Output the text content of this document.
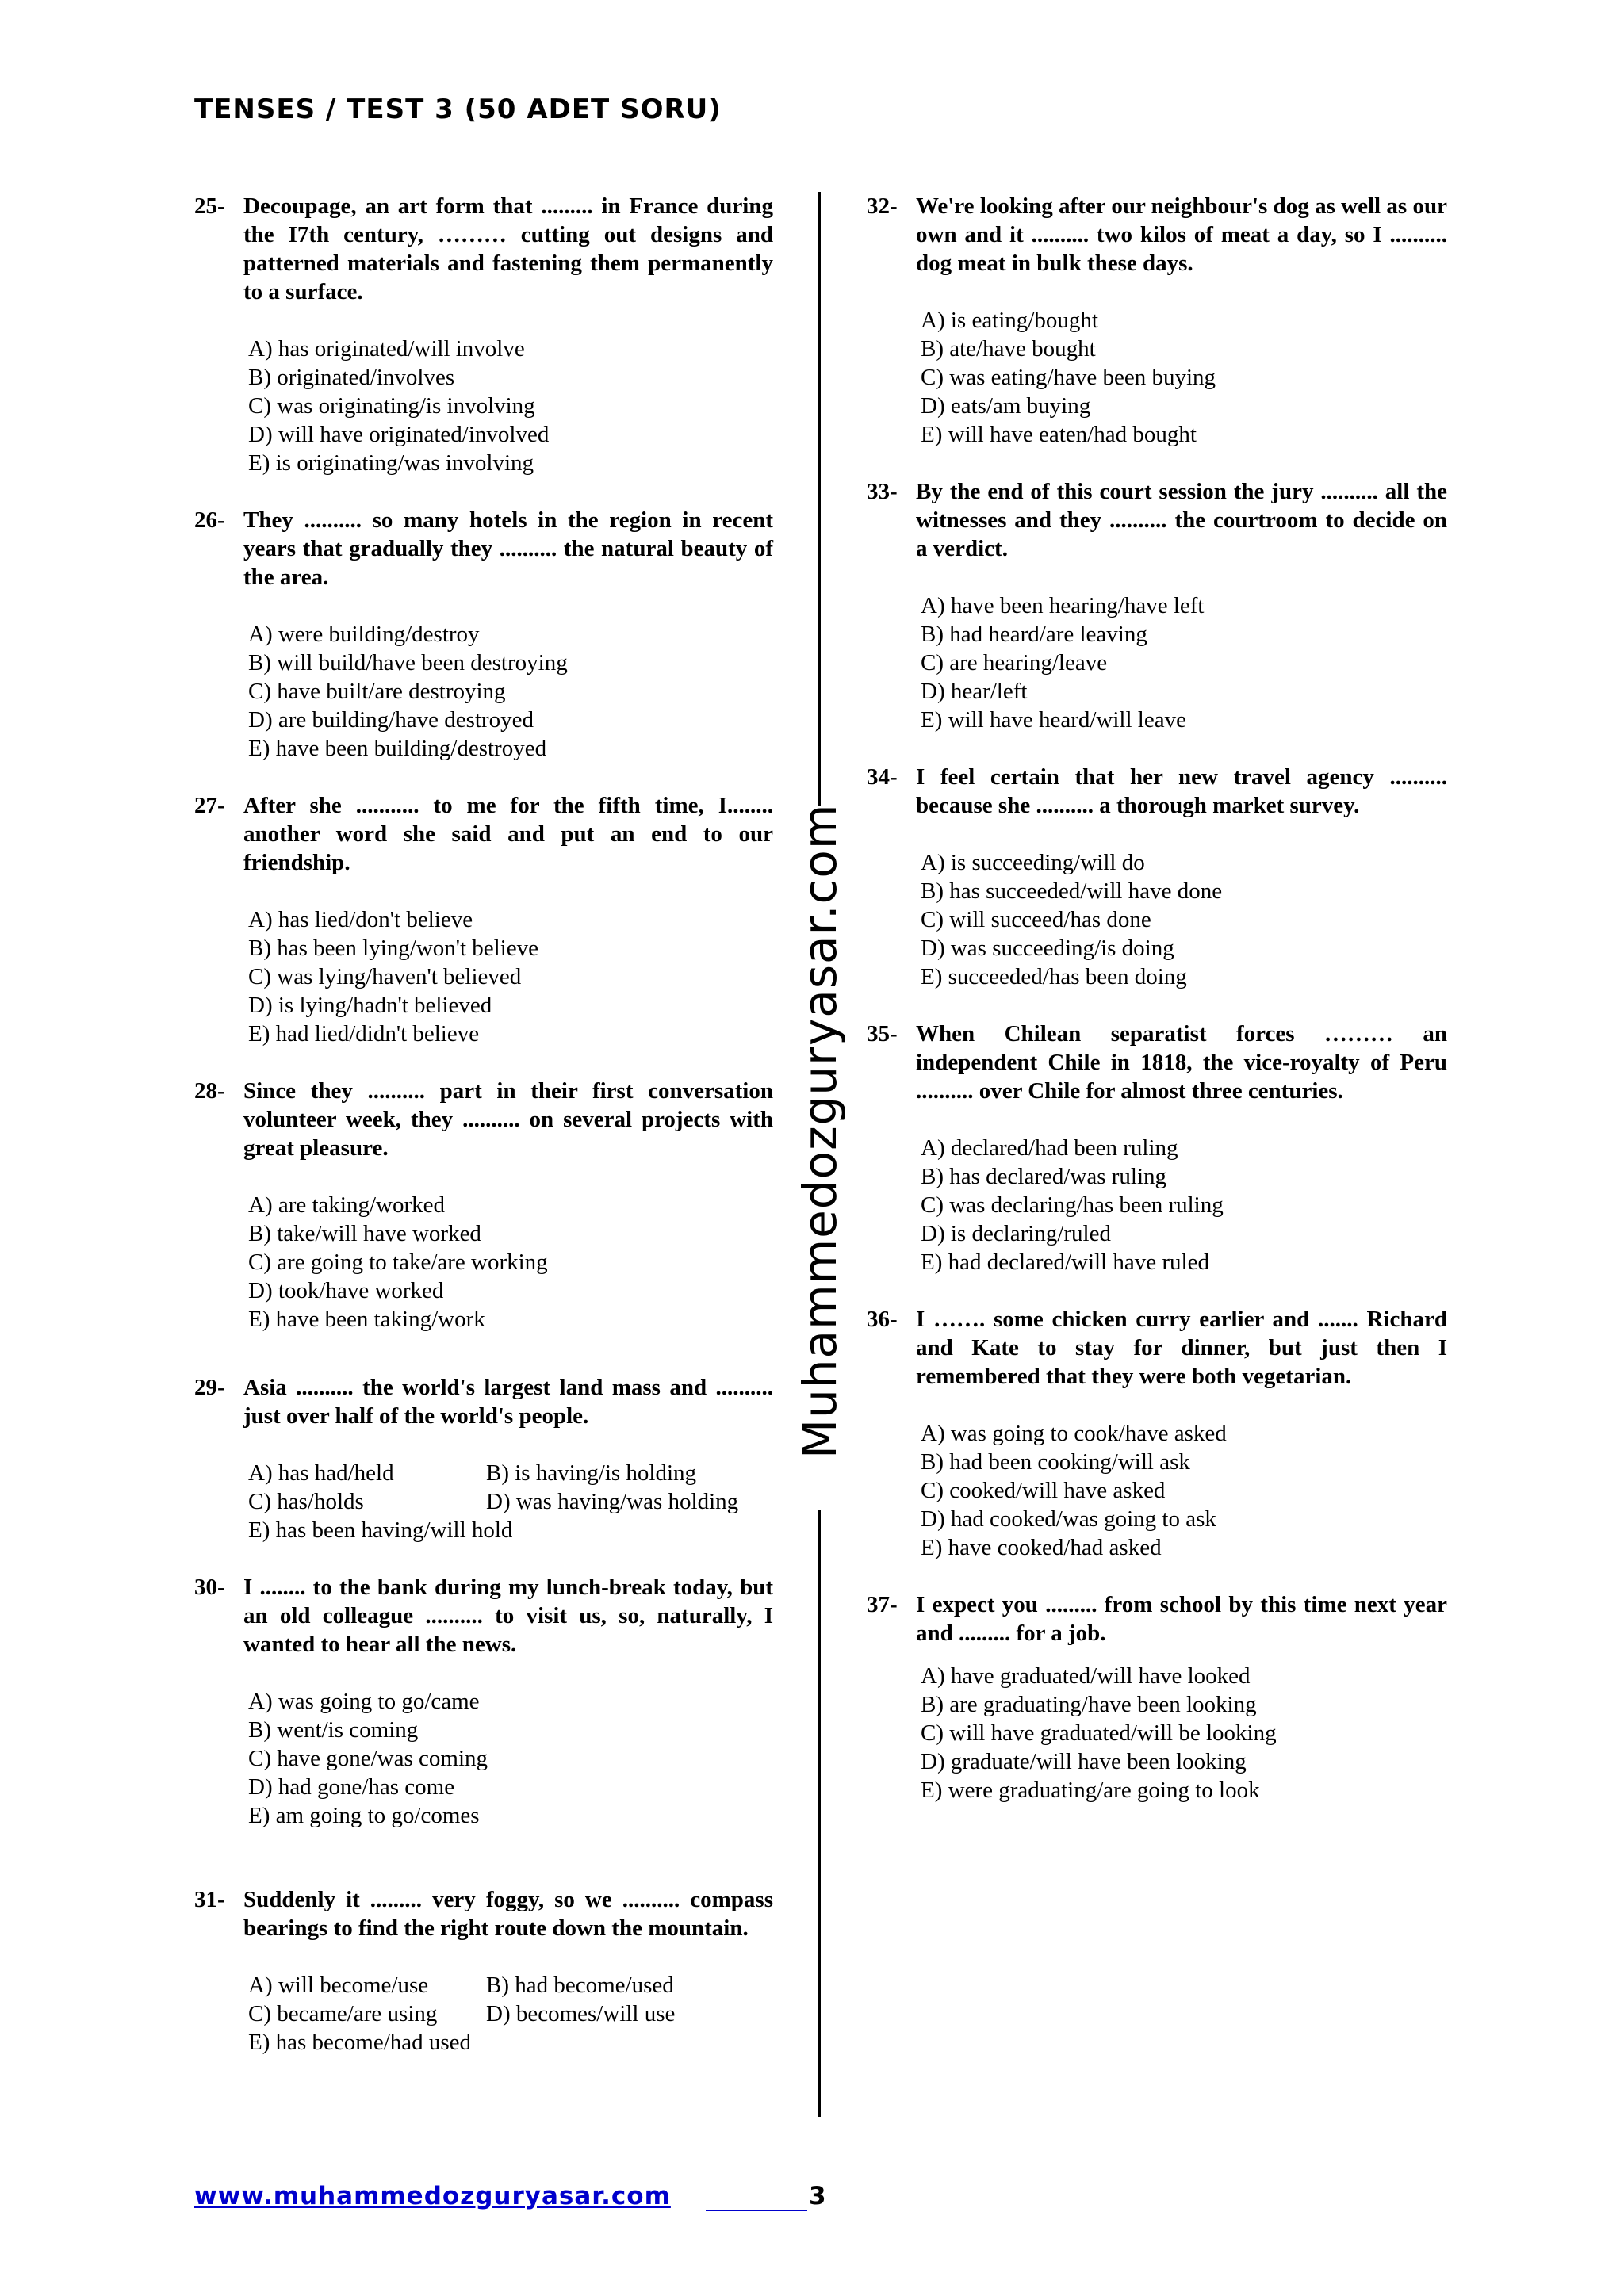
TENSES / TEST 3 (50 ADET SORU)
25- Decoupage, an art form that ......... in France during the I7th century, ……… cutting out designs and patterned materials and fastening them permanently to a surface.
A) has originated/will involve
B) originated/involves
C) was originating/is involving
D) will have originated/involved
E) is originating/was involving
26- They .......... so many hotels in the region in recent years that gradually they .......... the natural beauty of the area.
A) were building/destroy
B) will build/have been destroying
C) have built/are destroying
D) are building/have destroyed
E) have been building/destroyed
27- After she ........... to me for the fifth time, I........ another word she said and put an end to our friendship.
A) has lied/don't believe
B) has been lying/won't believe
C) was lying/haven't believed
D) is lying/hadn't believed
E) had lied/didn't believe
28- Since they .......... part in their first conversation volunteer week, they .......... on several projects with great pleasure.
A) are taking/worked
B) take/will have worked
C) are going to take/are working
D) took/have worked
E) have been taking/work
29- Asia .......... the world's largest land mass and .......... just over half of the world's people.
A) has had/held	B) is having/is holding
C) has/holds	D) was having/was holding
E) has been having/will hold
30- I ........ to the bank during my lunch-break today, but an old colleague .......... to visit us, so, naturally, I wanted to hear all the news.
A) was going to go/came
B) went/is coming
C) have gone/was coming
D) had gone/has come
E) am going to go/comes
31- Suddenly it ......... very foggy, so we .......... compass bearings to find the right route down the mountain.
A) will become/use	B) had become/used
C) became/are using	D) becomes/will use
E) has become/had used
Muhammedozguryasar.com
32- We're looking after our neighbour's dog as well as our own and it .......... two kilos of meat a day, so I .......... dog meat in bulk these days.
A) is eating/bought
B) ate/have bought
C) was eating/have been buying
D) eats/am buying
E) will have eaten/had bought
33- By the end of this court session the jury .......... all the witnesses and they .......... the courtroom to decide on a verdict.
A) have been hearing/have left
B) had heard/are leaving
C) are hearing/leave
D) hear/left
E) will have heard/will leave
34- I feel certain that her new travel agency .......... because she .......... a thorough market survey.
A) is succeeding/will do
B) has succeeded/will have done
C) will succeed/has done
D) was succeeding/is doing
E) succeeded/has been doing
35- When Chilean separatist forces ……… an independent Chile in 1818, the vice-royalty of Peru .......... over Chile for almost three centuries.
A) declared/had been ruling
B) has declared/was ruling
C) was declaring/has been ruling
D) is declaring/ruled
E) had declared/will have ruled
36- I ……. some chicken curry earlier and ....... Richard and Kate to stay for dinner, but just then I remembered that they were both vegetarian.
A) was going to cook/have asked
B) had been cooking/will ask
C) cooked/will have asked
D) had cooked/was going to ask
E) have cooked/had asked
37- I expect you ......... from school by this time next year and ......... for a job.
A) have graduated/will have looked
B) are graduating/have been looking
C) will have graduated/will be looking
D) graduate/will have been looking
E) were graduating/are going to look
www.muhammedozguryasar.com	3
